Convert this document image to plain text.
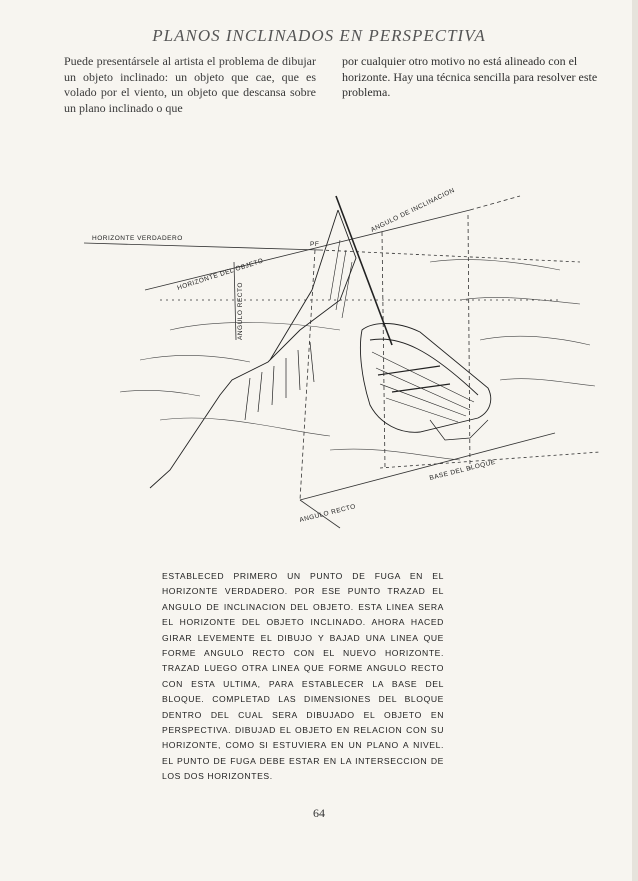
PLANOS INCLINADOS EN PERSPECTIVA
Puede presentársele al artista el problema de dibujar un objeto inclinado: un objeto que cae, que es volado por el viento, un objeto que descansa sobre un plano inclinado o que
por cualquier otro motivo no está alineado con el horizonte. Hay una técnica sencilla para resolver este problema.
HORIZONTE VERDADERO
HORIZONTE DEL OBJETO
ANGULO DE INCLINACION
ANGULO RECTO
PF
BASE DEL BLOQUE
ANGULO RECTO
ESTABLECED PRIMERO UN PUNTO DE FUGA EN EL HORIZONTE VERDADERO. POR ESE PUNTO TRAZAD EL ANGULO DE INCLINACION DEL OBJETO. ESTA LINEA SERA EL HORIZONTE DEL OBJETO INCLINADO. AHORA HACED GIRAR LEVEMENTE EL DIBUJO Y BAJAD UNA LINEA QUE FORME ANGULO RECTO CON EL NUEVO HORIZONTE. TRAZAD LUEGO OTRA LINEA QUE FORME ANGULO RECTO CON ESTA ULTIMA, PARA ESTABLECER LA BASE DEL BLOQUE. COMPLETAD LAS DIMENSIONES DEL BLOQUE DENTRO DEL CUAL SERA DIBUJADO EL OBJETO EN PERSPECTIVA. DIBUJAD EL OBJETO EN RELACION CON SU HORIZONTE, COMO SI ESTUVIERA EN UN PLANO A NIVEL. EL PUNTO DE FUGA DEBE ESTAR EN LA INTERSECCION DE LOS DOS HORIZONTES.
64
